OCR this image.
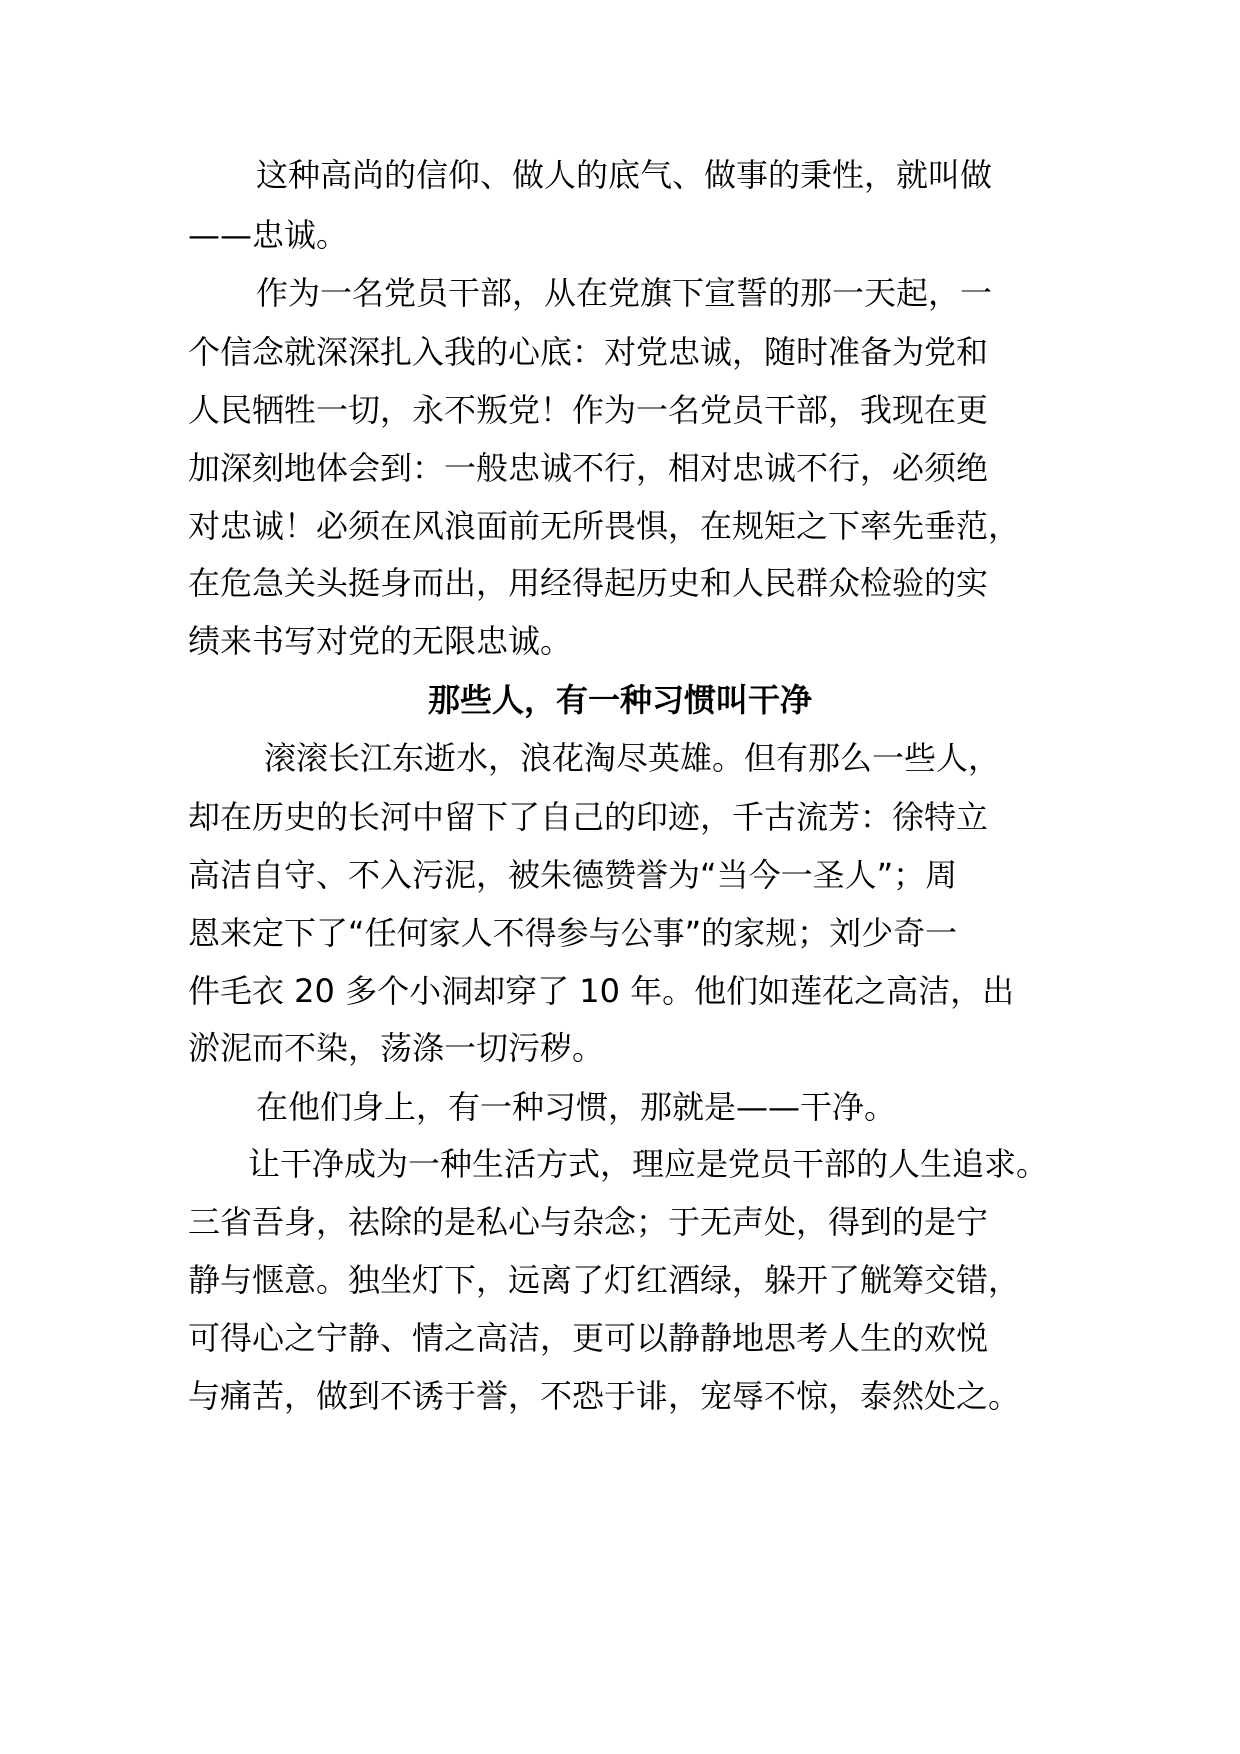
这种高尚的信仰、做人的底气、做事的秉性，就叫做
——忠诚。
作为一名党员干部，从在党旗下宣誓的那一天起，一
个信念就深深扎入我的心底：对党忠诚，随时准备为党和
人民牺牲一切，永不叛党！作为一名党员干部，我现在更
加深刻地体会到：一般忠诚不行，相对忠诚不行，必须绝
对忠诚！必须在风浪面前无所畏惧，在规矩之下率先垂范，
在危急关头挺身而出，用经得起历史和人民群众检验的实
绩来书写对党的无限忠诚。
那些人，有一种习惯叫干净
滚滚长江东逝水，浪花淘尽英雄。但有那么一些人，
却在历史的长河中留下了自己的印迹，千古流芳：徐特立
高洁自守、不入污泥，被朱德赞誉为“当今一圣人”；周
恩来定下了“任何家人不得参与公事”的家规；刘少奇一
件毛衣 20 多个小洞却穿了 10 年。他们如莲花之高洁，出
淤泥而不染，荡涤一切污秽。
在他们身上，有一种习惯，那就是——干净。
让干净成为一种生活方式，理应是党员干部的人生追求。
三省吾身，祛除的是私心与杂念；于无声处，得到的是宁
静与惬意。独坐灯下，远离了灯红酒绿，躲开了觥筹交错，
可得心之宁静、情之高洁，更可以静静地思考人生的欢悦
与痛苦，做到不诱于誉，不恐于诽，宠辱不惊，泰然处之。
